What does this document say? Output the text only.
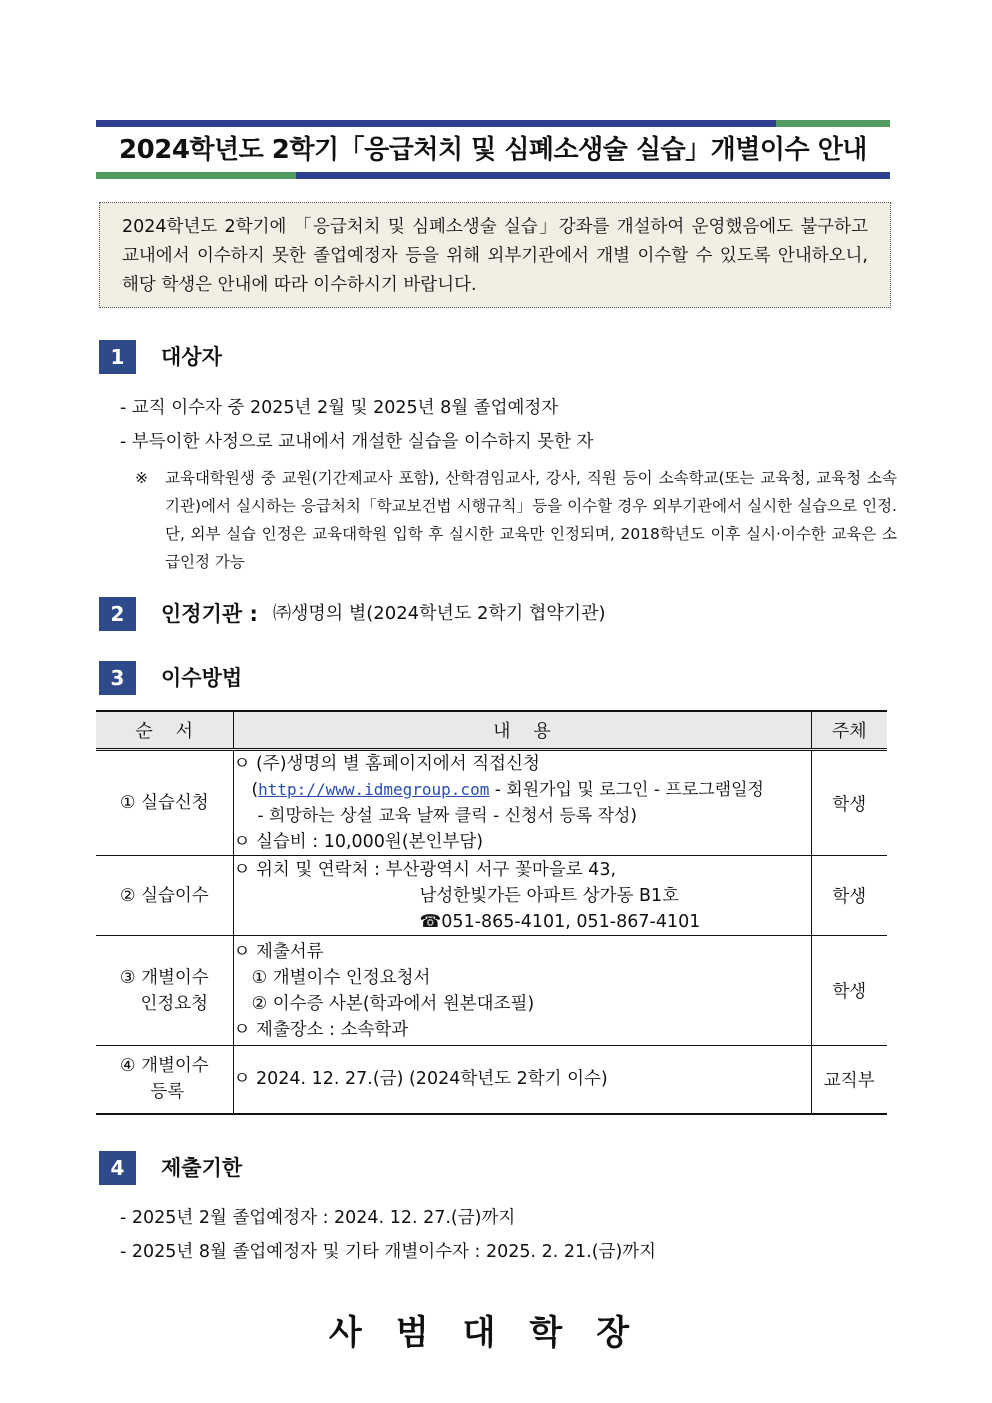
2024학년도 2학기「응급처치 및 심폐소생술 실습」개별이수 안내
2024학년도 2학기에 「응급처치 및 심폐소생술 실습」강좌를 개설하여 운영했음에도 불구하고 교내에서 이수하지 못한 졸업예정자 등을 위해 외부기관에서 개별 이수할 수 있도록 안내하오니, 해당 학생은 안내에 따라 이수하시기 바랍니다.
1	대상자
- 교직 이수자 중 2025년 2월 및 2025년 8월 졸업예정자
- 부득이한 사정으로 교내에서 개설한 실습을 이수하지 못한 자
※ 교육대학원생 중 교원(기간제교사 포함), 산학겸임교사, 강사, 직원 등이 소속학교(또는 교육청, 교육청 소속기관)에서 실시하는 응급처치「학교보건법 시행규칙」등을 이수할 경우 외부기관에서 실시한 실습으로 인정. 단, 외부 실습 인정은 교육대학원 입학 후 실시한 교육만 인정되며, 2018학년도 이후 실시·이수한 교육은 소급인정 가능
2	인정기관 : ㈜생명의 별(2024학년도 2학기 협약기관)
3	이수방법
순    서	내    용	주체
① 실습신청	ㅇ (주)생명의 별 홈페이지에서 직접신청
(http://www.idmegroup.com - 회원가입 및 로그인 - 프로그램일정
- 희망하는 상설 교육 날짜 클릭 - 신청서 등록 작성)
ㅇ 실습비 : 10,000원(본인부담)	학생
② 실습이수	ㅇ 위치 및 연락처 : 부산광역시 서구 꽃마을로 43,
남성한빛가든 아파트 상가동 B1호
☎051-865-4101, 051-867-4101	학생

③ 개별이수
인정요청	ㅇ 제출서류
① 개별이수 인정요청서
② 이수증 사본(학과에서 원본대조필)
ㅇ 제출장소 : 소속학과	학생

④ 개별이수
등록	ㅇ 2024. 12. 27.(금) (2024학년도 2학기 이수)	교직부
4	제출기한
- 2025년 2월 졸업예정자 : 2024. 12. 27.(금)까지
- 2025년 8월 졸업예정자 및 기타 개별이수자 : 2025. 2. 21.(금)까지
사범대학장
